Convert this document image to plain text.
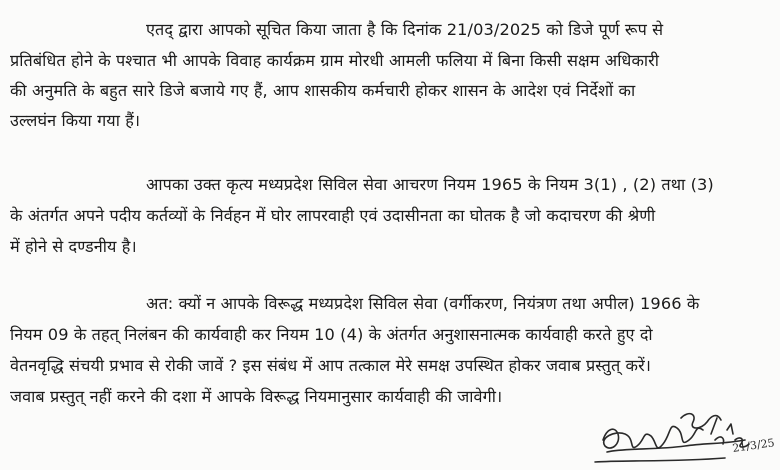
एतद् द्वारा आपको सूचित किया जाता है कि दिनांक 21/03/2025 को डिजे पूर्ण रूप से
प्रतिबंधित होने के पश्चात भी आपके विवाह कार्यक्रम ग्राम मोरधी आमली फलिया में बिना किसी सक्षम अधिकारी
की अनुमति के बहुत सारे डिजे बजाये गए हैं, आप शासकीय कर्मचारी होकर शासन के आदेश एवं निर्देशों का
उल्लघंन किया गया हैं।
आपका उक्त कृत्य मध्यप्रदेश सिविल सेवा आचरण नियम 1965 के नियम 3(1) , (2) तथा (3)
के अंतर्गत अपने पदीय कर्तव्यों के निर्वहन में घोर लापरवाही एवं उदासीनता का घोतक है जो कदाचरण की श्रेणी
में होने से दण्डनीय है।
अत: क्यों न आपके विरूद्ध मध्यप्रदेश सिविल सेवा (वर्गीकरण, नियंत्रण तथा अपील) 1966 के
नियम 09 के तहत् निलंबन की कार्यवाही कर नियम 10 (4) के अंतर्गत अनुशासनात्मक कार्यवाही करते हुए दो
वेतनवृद्धि संचयी प्रभाव से रोकी जावें ? इस संबंध में आप तत्काल मेरे समक्ष उपस्थित होकर जवाब प्रस्तुत् करें।
जवाब प्रस्तुत् नहीं करने की दशा में आपके विरूद्ध नियमानुसार कार्यवाही की जावेगी।
21/3/25
